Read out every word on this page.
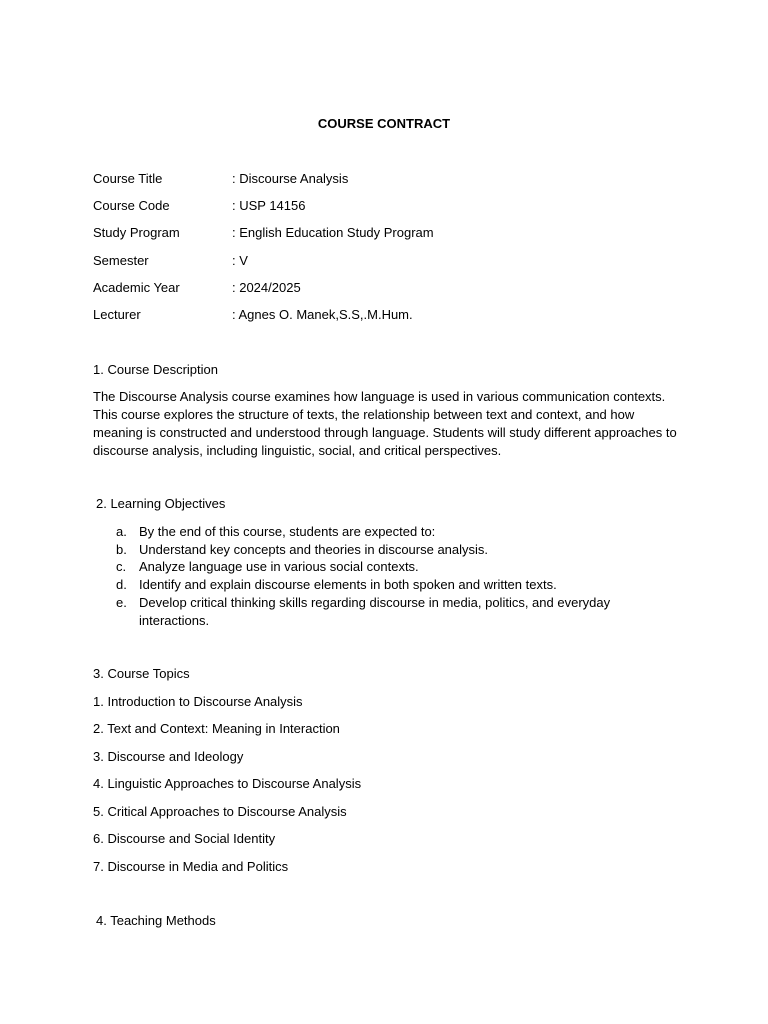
COURSE CONTRACT
Course Title	: Discourse Analysis
Course Code	: USP 14156
Study Program	: English Education Study Program
Semester	: V
Academic Year	: 2024/2025
Lecturer	: Agnes O. Manek,S.S,.M.Hum.
1. Course Description
The Discourse Analysis course examines how language is used in various communication contexts. This course explores the structure of texts, the relationship between text and context, and how meaning is constructed and understood through language. Students will study different approaches to discourse analysis, including linguistic, social, and critical perspectives.
2. Learning Objectives
a. By the end of this course, students are expected to:
b. Understand key concepts and theories in discourse analysis.
c. Analyze language use in various social contexts.
d. Identify and explain discourse elements in both spoken and written texts.
e. Develop critical thinking skills regarding discourse in media, politics, and everyday interactions.
3. Course Topics
1. Introduction to Discourse Analysis
2. Text and Context: Meaning in Interaction
3. Discourse and Ideology
4. Linguistic Approaches to Discourse Analysis
5. Critical Approaches to Discourse Analysis
6. Discourse and Social Identity
7. Discourse in Media and Politics
4. Teaching Methods
